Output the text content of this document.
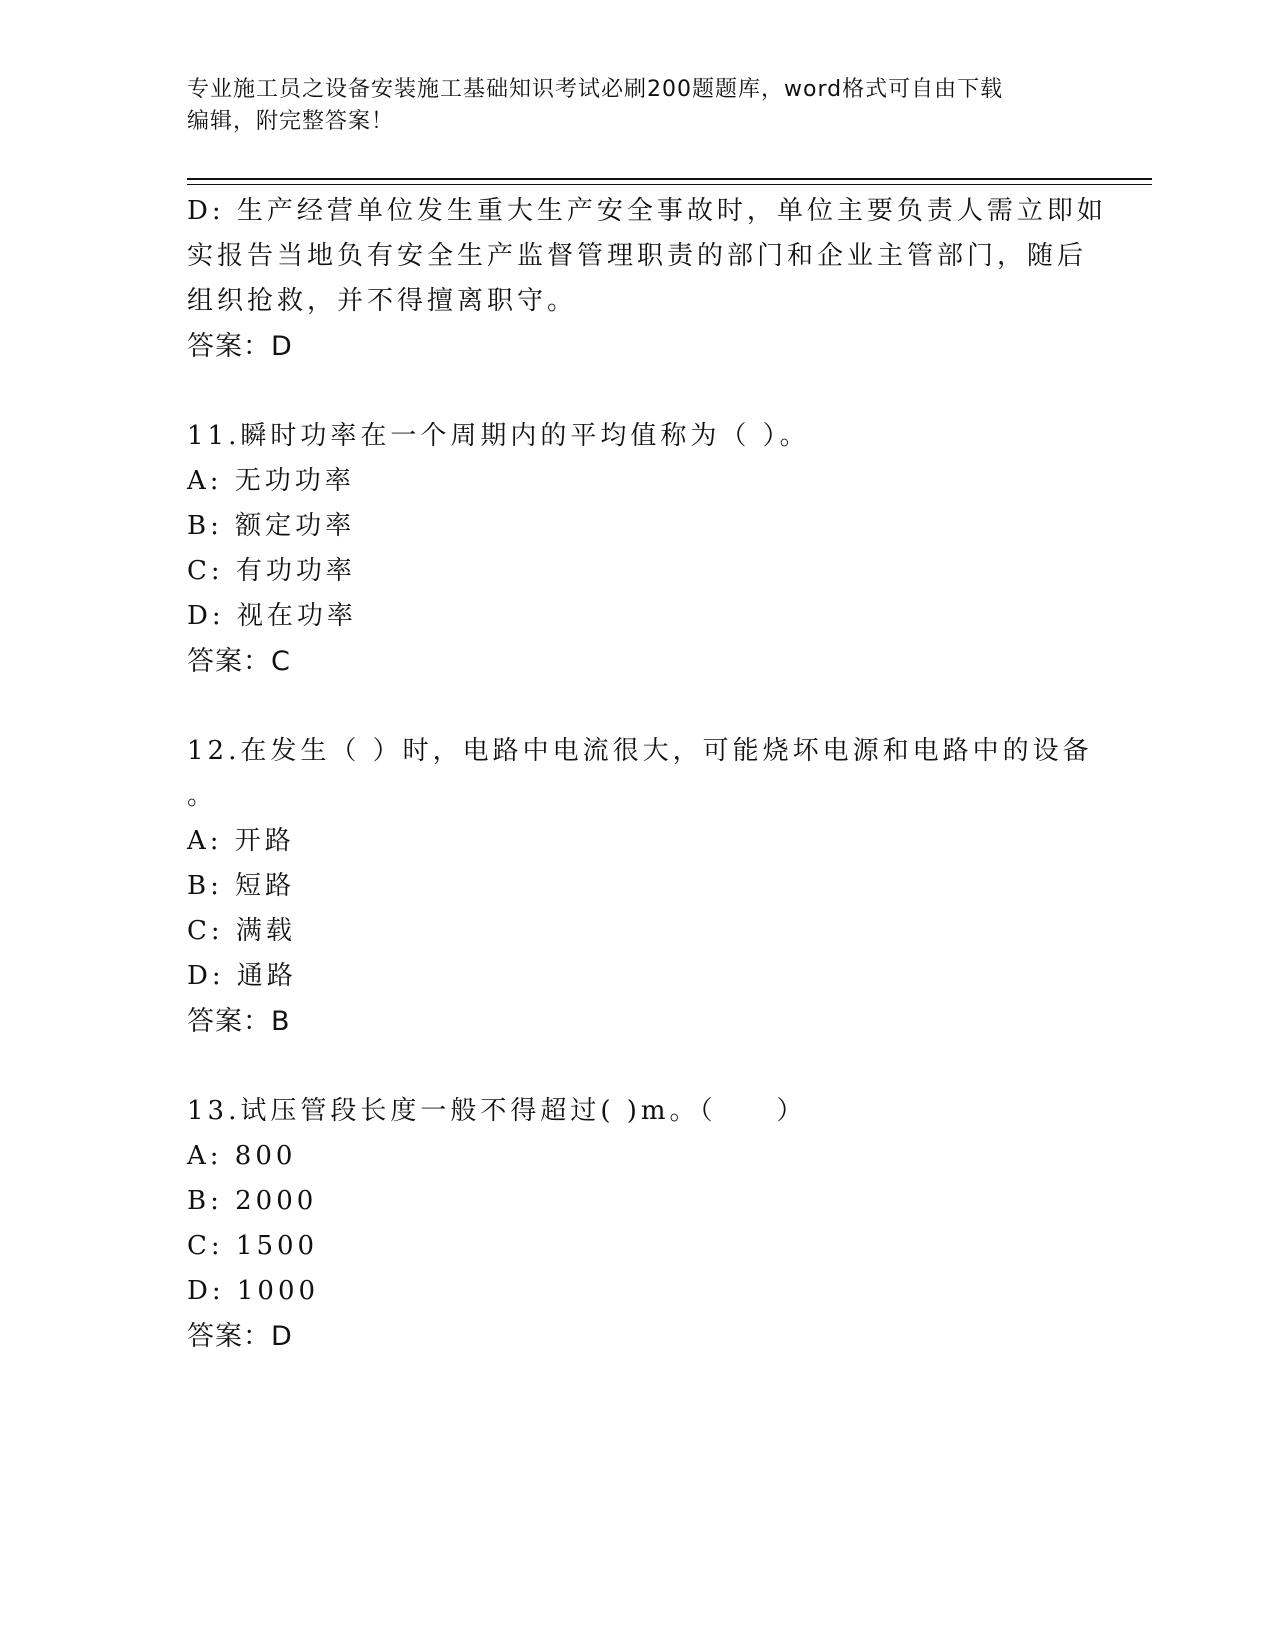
专业施工员之设备安装施工基础知识考试必刷200题题库，word格式可自由下载
编辑，附完整答案！

D: 生产经营单位发生重大生产安全事故时，单位主要负责人需立即如

实报告当地负有安全生产监督管理职责的部门和企业主管部门，随后

组织抢救，并不得擅离职守。

答案：D

11.瞬时功率在一个周期内的平均值称为（ ）。

A: 无功功率

B: 额定功率

C: 有功功率

D: 视在功率

答案：C

12.在发生（ ）时，电路中电流很大，可能烧坏电源和电路中的设备

。

A: 开路

B: 短路

C: 满载

D: 通路

答案：B

13.试压管段长度一般不得超过( )m。（　　）

A: 800

B: 2000

C: 1500

D: 1000

答案：D
